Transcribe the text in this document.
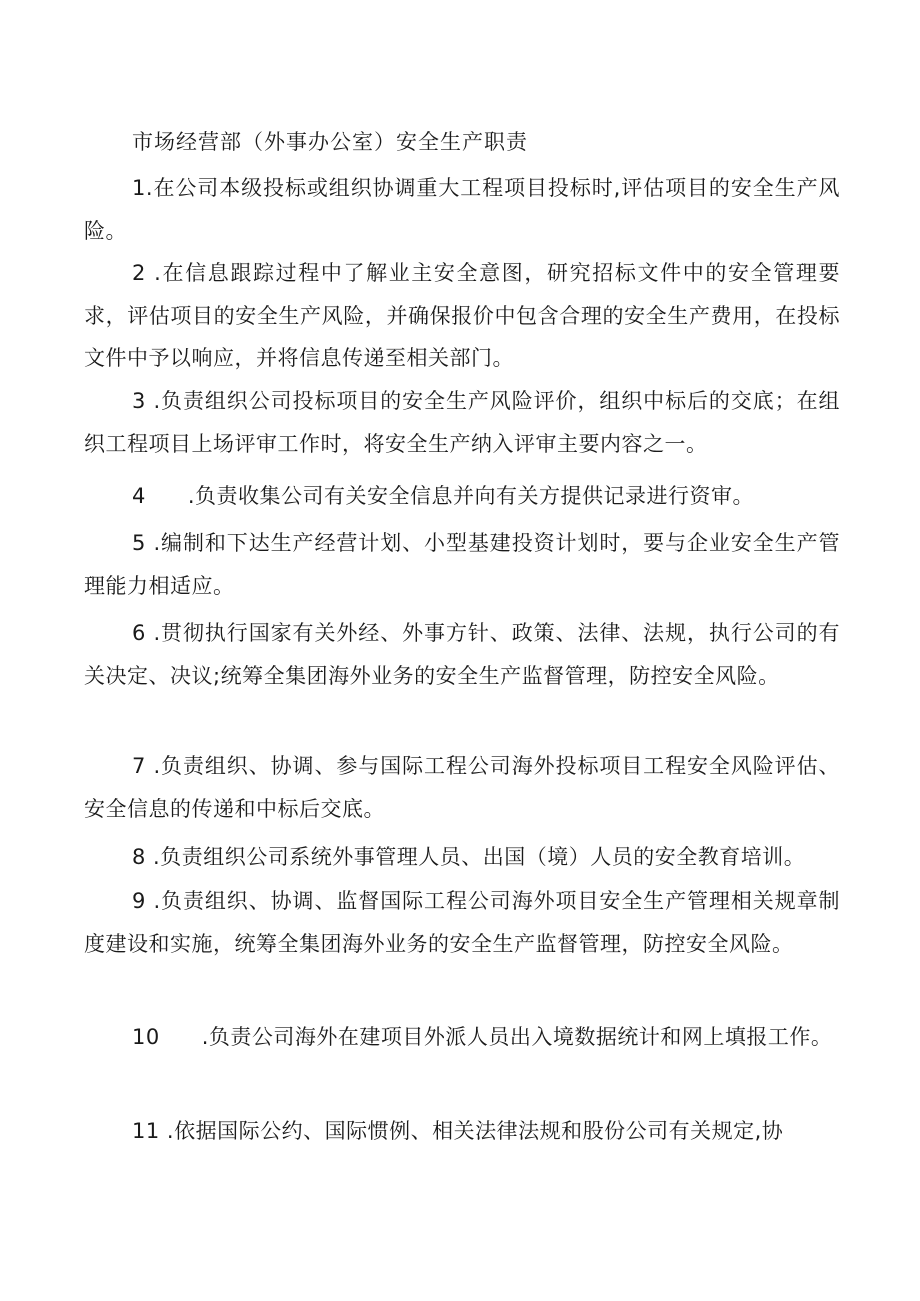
市场经营部（外事办公室）安全生产职责

1.在公司本级投标或组织协调重大工程项目投标时,评估项目的安全生产风险。

2 .在信息跟踪过程中了解业主安全意图，研究招标文件中的安全管理要求，评估项目的安全生产风险，并确保报价中包含合理的安全生产费用，在投标文件中予以响应，并将信息传递至相关部门。

3 .负责组织公司投标项目的安全生产风险评价，组织中标后的交底；在组织工程项目上场评审工作时，将安全生产纳入评审主要内容之一。

4 .负责收集公司有关安全信息并向有关方提供记录进行资审。

5 .编制和下达生产经营计划、小型基建投资计划时，要与企业安全生产管理能力相适应。

6 .贯彻执行国家有关外经、外事方针、政策、法律、法规，执行公司的有关决定、决议;统筹全集团海外业务的安全生产监督管理，防控安全风险。

7 .负责组织、协调、参与国际工程公司海外投标项目工程安全风险评估、安全信息的传递和中标后交底。

8 .负责组织公司系统外事管理人员、出国（境）人员的安全教育培训。

9 .负责组织、协调、监督国际工程公司海外项目安全生产管理相关规章制度建设和实施，统筹全集团海外业务的安全生产监督管理，防控安全风险。

10 .负责公司海外在建项目外派人员出入境数据统计和网上填报工作。

11 .依据国际公约、国际惯例、相关法律法规和股份公司有关规定,协
